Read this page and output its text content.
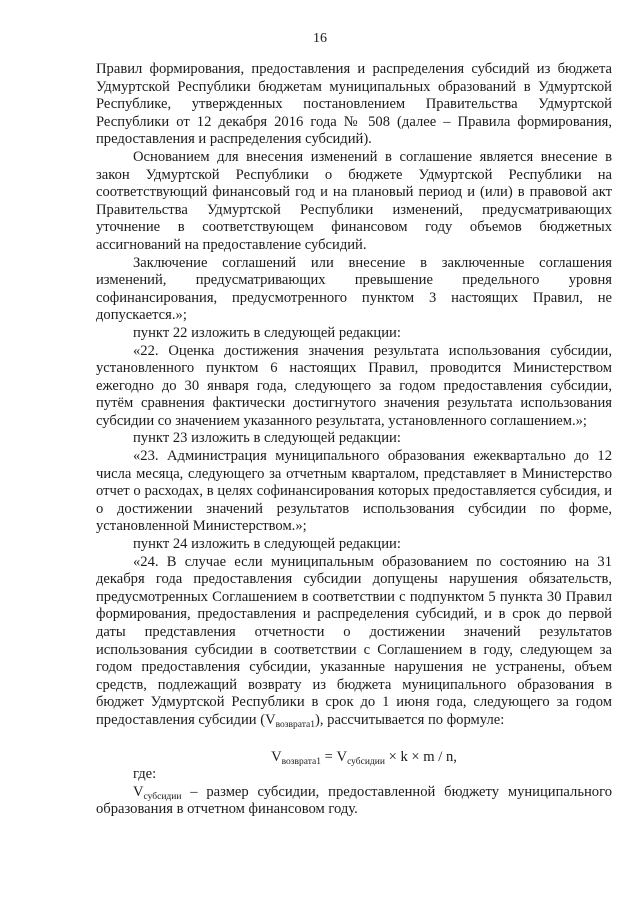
16

Правил формирования, предоставления и распределения субсидий из бюджета Удмуртской Республики бюджетам муниципальных образований в Удмуртской Республике, утвержденных постановлением Правительства Удмуртской Республики от 12 декабря 2016 года № 508 (далее – Правила формирования, предоставления и распределения субсидий).

Основанием для внесения изменений в соглашение является внесение в закон Удмуртской Республики о бюджете Удмуртской Республики на соответствующий финансовый год и на плановый период и (или) в правовой акт Правительства Удмуртской Республики изменений, предусматривающих уточнение в соответствующем финансовом году объемов бюджетных ассигнований на предоставление субсидий.

Заключение соглашений или внесение в заключенные соглашения изменений, предусматривающих превышение предельного уровня софинансирования, предусмотренного пунктом 3 настоящих Правил, не допускается.»;

пункт 22 изложить в следующей редакции:

«22. Оценка достижения значения результата использования субсидии, установленного пунктом 6 настоящих Правил, проводится Министерством ежегодно до 30 января года, следующего за годом предоставления субсидии, путём сравнения фактически достигнутого значения результата использования субсидии со значением указанного результата, установленного соглашением.»;

пункт 23 изложить в следующей редакции:

«23. Администрация муниципального образования ежеквартально до 12 числа месяца, следующего за отчетным кварталом, представляет в Министерство отчет о расходах, в целях софинансирования которых предоставляется субсидия, и о достижении значений результатов использования субсидии по форме, установленной Министерством.»;

пункт 24 изложить в следующей редакции:

«24. В случае если муниципальным образованием по состоянию на 31 декабря года предоставления субсидии допущены нарушения обязательств, предусмотренных Соглашением в соответствии с подпунктом 5 пункта 30 Правил формирования, предоставления и распределения субсидий, и в срок до первой даты представления отчетности о достижении значений результатов использования субсидии в соответствии с Соглашением в году, следующем за годом предоставления субсидии, указанные нарушения не устранены, объем средств, подлежащий возврату из бюджета муниципального образования в бюджет Удмуртской Республики в срок до 1 июня года, следующего за годом предоставления субсидии $(V_{возврата1})$, рассчитывается по формуле:

$V_{возврата1} = V_{субсидии} \times k \times m / n$,

где:

$V_{субсидии}$ – размер субсидии, предоставленной бюджету муниципального образования в отчетном финансовом году.
